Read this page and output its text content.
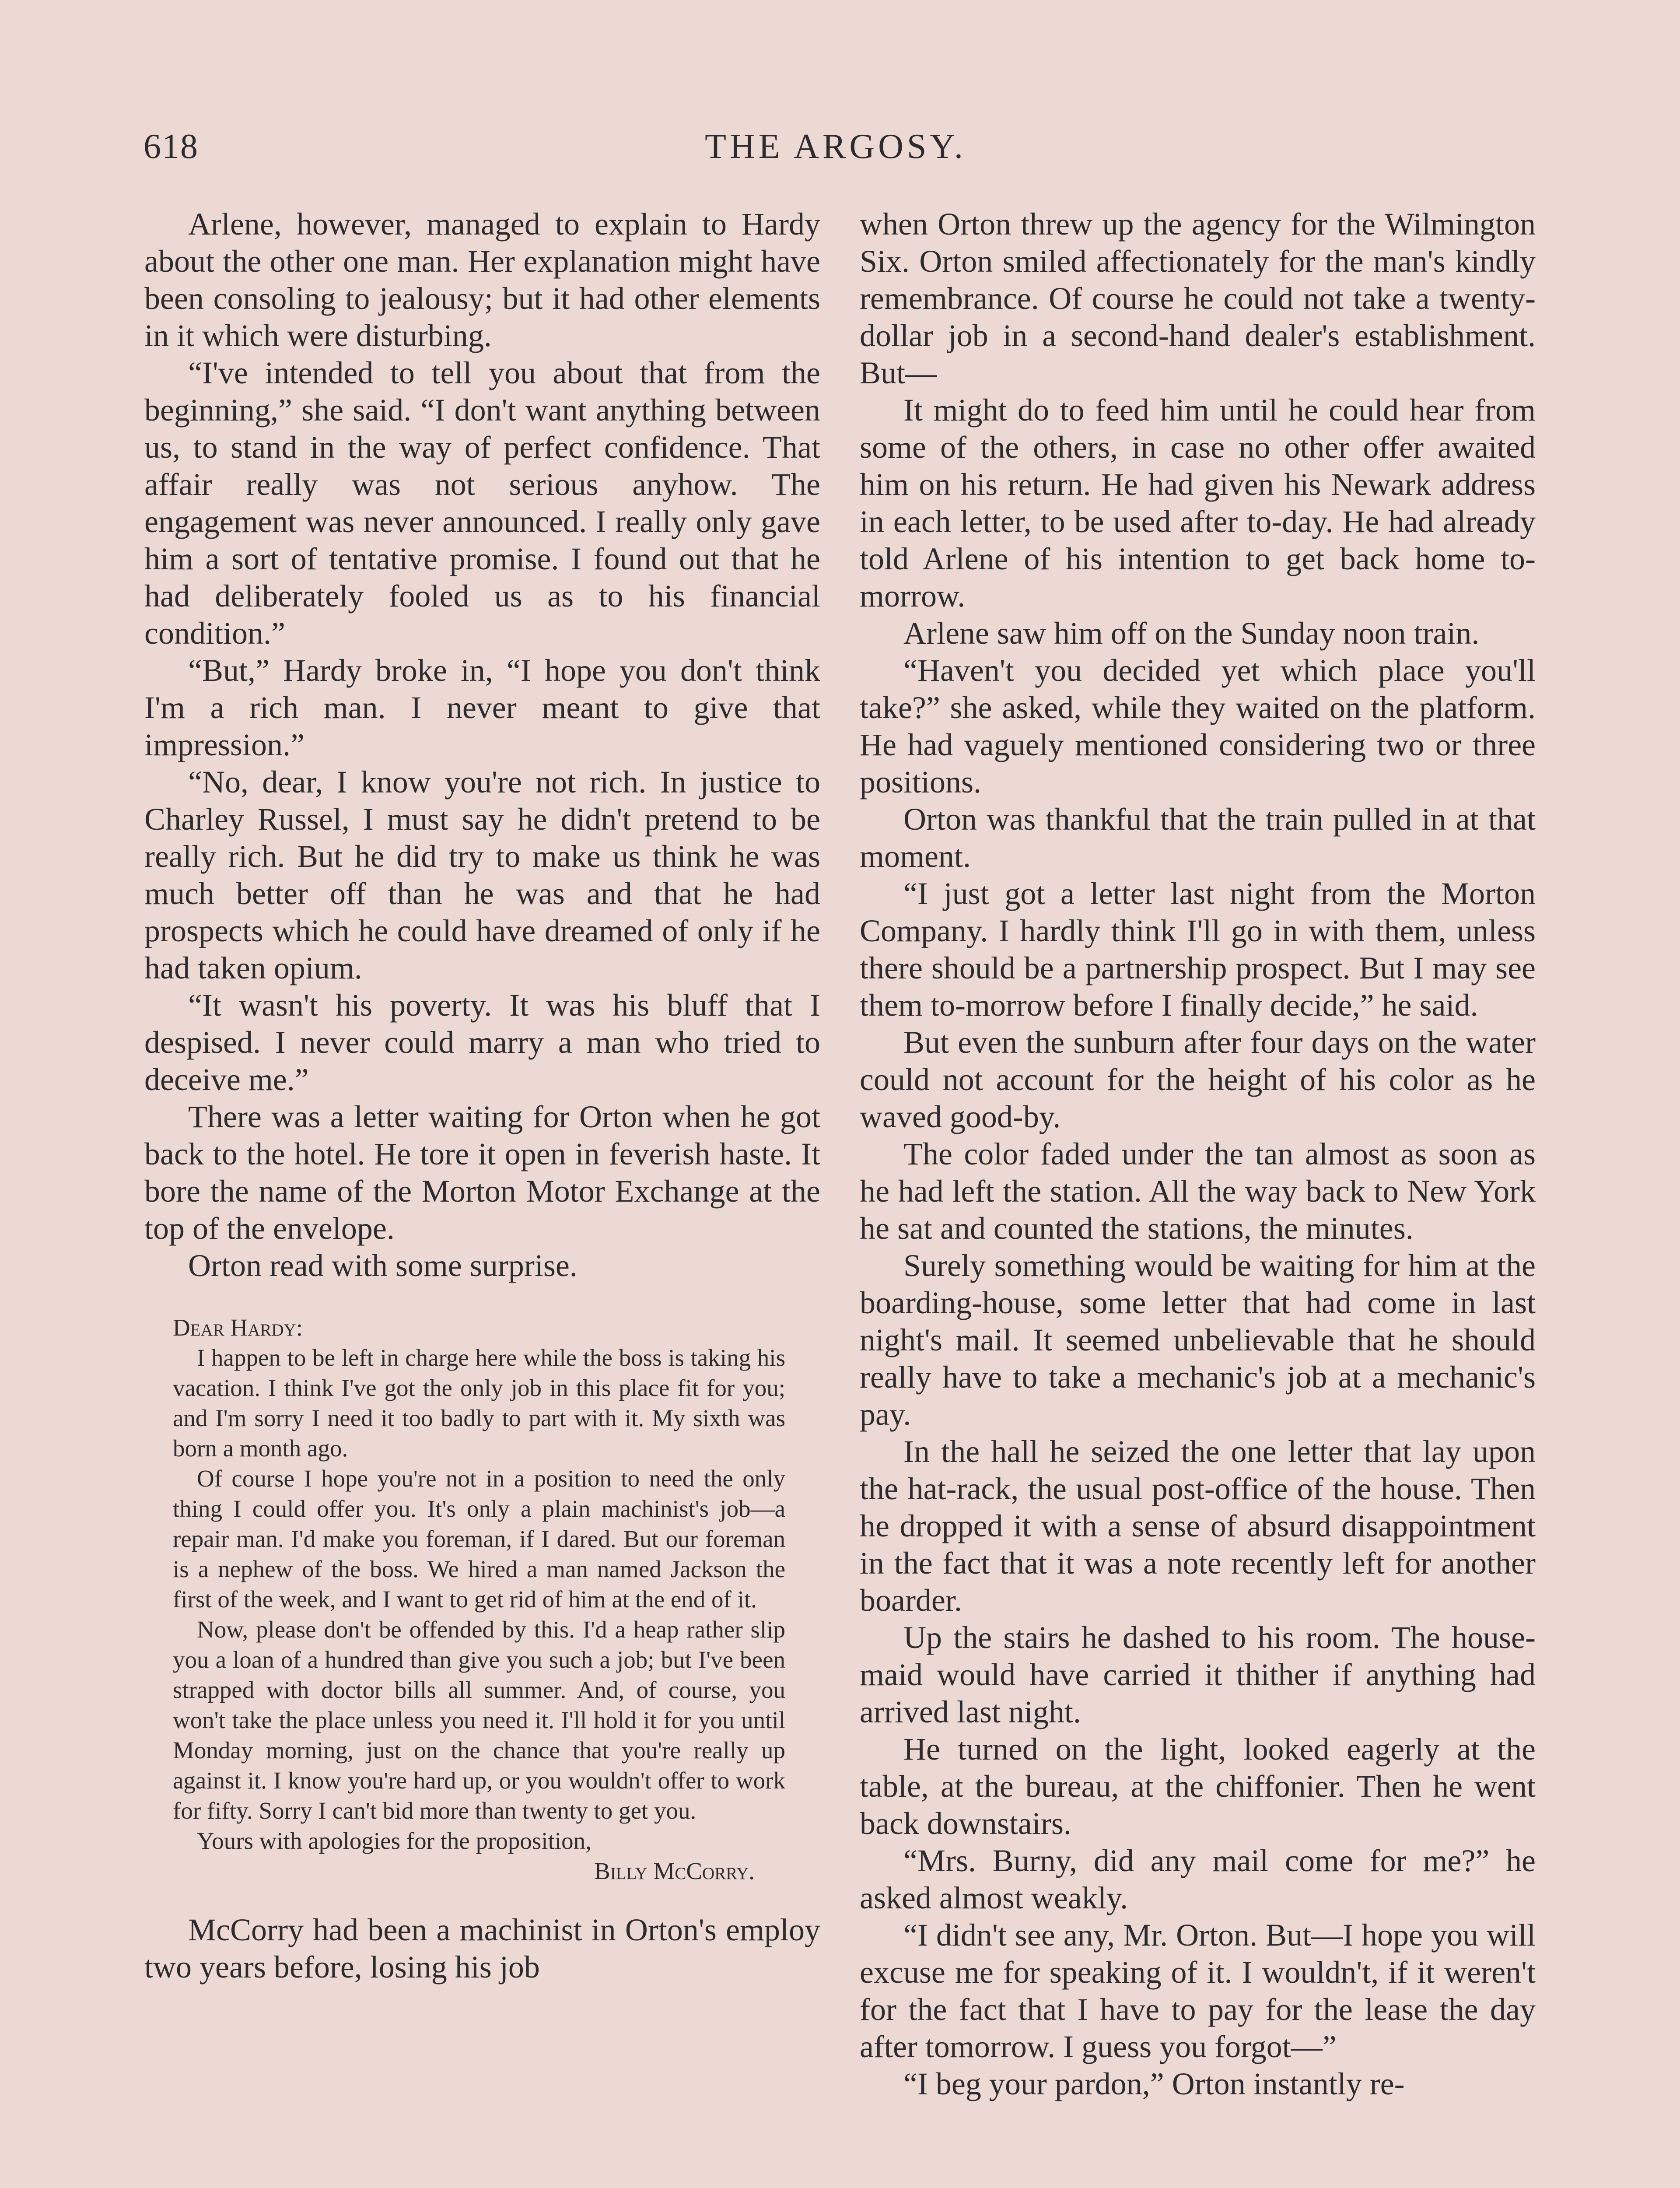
618	THE ARGOSY.

Arlene, however, managed to explain to Hardy about the other one man. Her explanation might have been consoling to jealousy; but it had other elements in it which were disturbing.

“I've intended to tell you about that from the beginning,” she said. “I don't want anything between us, to stand in the way of perfect confidence. That affair really was not serious anyhow. The engagement was never announced. I really only gave him a sort of tentative promise. I found out that he had deliberately fooled us as to his financial condition.”

“But,” Hardy broke in, “I hope you don't think I'm a rich man. I never meant to give that impression.”

“No, dear, I know you're not rich. In justice to Charley Russel, I must say he didn't pretend to be really rich. But he did try to make us think he was much better off than he was and that he had prospects which he could have dreamed of only if he had taken opium.

“It wasn't his poverty. It was his bluff that I despised. I never could marry a man who tried to deceive me.”

There was a letter waiting for Orton when he got back to the hotel. He tore it open in feverish haste. It bore the name of the Morton Motor Exchange at the top of the envelope.

Orton read with some surprise.

Dear Hardy:

I happen to be left in charge here while the boss is taking his vacation. I think I've got the only job in this place fit for you; and I'm sorry I need it too badly to part with it. My sixth was born a month ago.

Of course I hope you're not in a position to need the only thing I could offer you. It's only a plain machinist's job—a repair man. I'd make you foreman, if I dared. But our foreman is a nephew of the boss. We hired a man named Jackson the first of the week, and I want to get rid of him at the end of it.

Now, please don't be offended by this. I'd a heap rather slip you a loan of a hundred than give you such a job; but I've been strapped with doctor bills all summer. And, of course, you won't take the place unless you need it. I'll hold it for you until Monday morning, just on the chance that you're really up against it. I know you're hard up, or you wouldn't offer to work for fifty. Sorry I can't bid more than twenty to get you.

Yours with apologies for the proposition,

Billy McCorry.

McCorry had been a machinist in Orton's employ two years before, losing his job

when Orton threw up the agency for the Wilmington Six. Orton smiled affectionately for the man's kindly remembrance. Of course he could not take a twenty-dollar job in a second-hand dealer's establishment. But—

It might do to feed him until he could hear from some of the others, in case no other offer awaited him on his return. He had given his Newark address in each letter, to be used after to-day. He had already told Arlene of his intention to get back home to-morrow.

Arlene saw him off on the Sunday noon train.

“Haven't you decided yet which place you'll take?” she asked, while they waited on the platform. He had vaguely mentioned considering two or three positions.

Orton was thankful that the train pulled in at that moment.

“I just got a letter last night from the Morton Company. I hardly think I'll go in with them, unless there should be a partnership prospect. But I may see them to-morrow before I finally decide,” he said.

But even the sunburn after four days on the water could not account for the height of his color as he waved good-by.

The color faded under the tan almost as soon as he had left the station. All the way back to New York he sat and counted the stations, the minutes.

Surely something would be waiting for him at the boarding-house, some letter that had come in last night's mail. It seemed unbelievable that he should really have to take a mechanic's job at a mechanic's pay.

In the hall he seized the one letter that lay upon the hat-rack, the usual post-office of the house. Then he dropped it with a sense of absurd disappointment in the fact that it was a note recently left for another boarder.

Up the stairs he dashed to his room. The house-maid would have carried it thither if anything had arrived last night.

He turned on the light, looked eagerly at the table, at the bureau, at the chiffonier. Then he went back downstairs.

“Mrs. Burny, did any mail come for me?” he asked almost weakly.

“I didn't see any, Mr. Orton. But—I hope you will excuse me for speaking of it. I wouldn't, if it weren't for the fact that I have to pay for the lease the day after tomorrow. I guess you forgot—”

“I beg your pardon,” Orton instantly re-
